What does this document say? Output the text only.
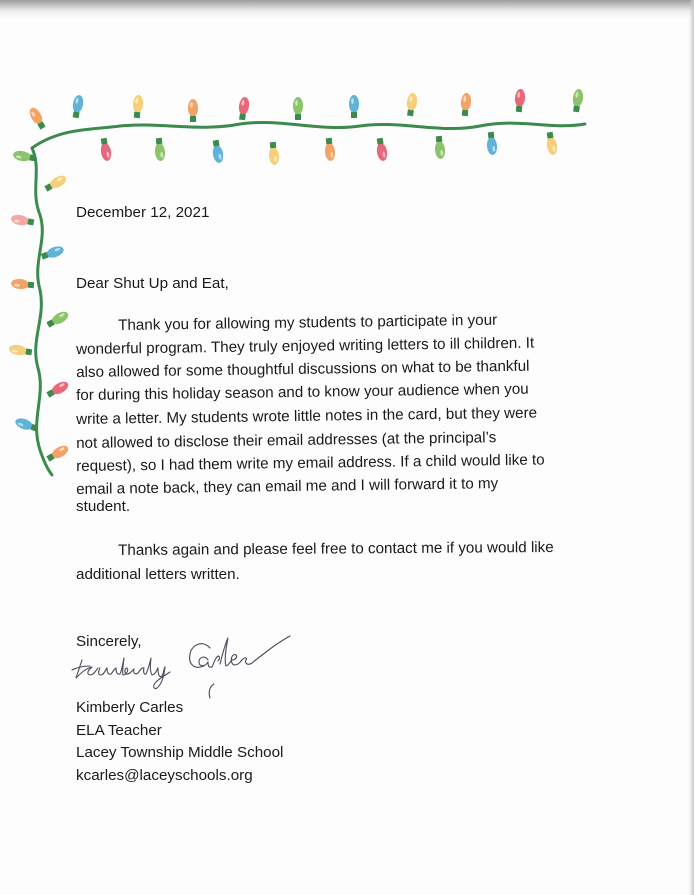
December 12, 2021
Dear Shut Up and Eat,
Thank you for allowing my students to participate in your
wonderful program. They truly enjoyed writing letters to ill children. It
also allowed for some thoughtful discussions on what to be thankful
for during this holiday season and to know your audience when you
write a letter. My students wrote little notes in the card, but they were
not allowed to disclose their email addresses (at the principal’s
request), so I had them write my email address. If a child would like to
email a note back, they can email me and I will forward it to my
student.
Thanks again and please feel free to contact me if you would like
additional letters written.
Sincerely,
Kimberly Carles
ELA Teacher
Lacey Township Middle School
kcarles@laceyschools.org
